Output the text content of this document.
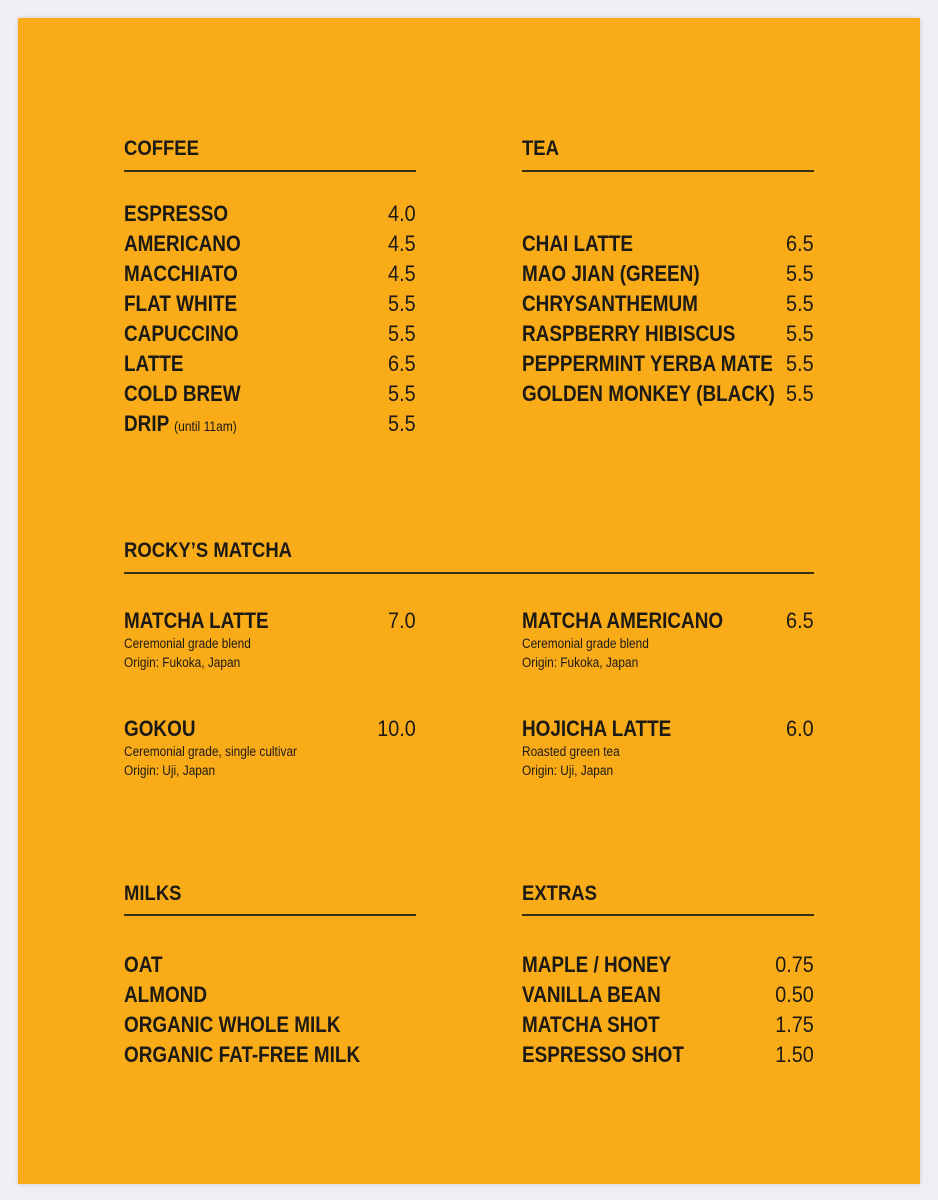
COFFEE
ESPRESSO	4.0
AMERICANO	4.5
MACCHIATO	4.5
FLAT WHITE	5.5
CAPUCCINO	5.5
LATTE	6.5
COLD BREW	5.5
DRIP (until 11am)	5.5
TEA
CHAI LATTE	6.5
MAO JIAN (GREEN)	5.5
CHRYSANTHEMUM	5.5
RASPBERRY HIBISCUS 5.5
PEPPERMINT YERBA MATE 5.5
GOLDEN MONKEY (BLACK) 5.5
ROCKY’S MATCHA
MATCHA LATTE	7.0
Ceremonial grade blend
Origin: Fukoka, Japan
MATCHA AMERICANO	6.5
Ceremonial grade blend
Origin: Fukoka, Japan
GOKOU	10.0
Ceremonial grade, single cultivar
Origin: Uji, Japan
HOJICHA LATTE	6.0
Roasted green tea
Origin: Uji, Japan
MILKS
OAT
ALMOND
ORGANIC WHOLE MILK
ORGANIC FAT-FREE MILK
EXTRAS
MAPLE / HONEY	0.75
VANILLA BEAN	0.50
MATCHA SHOT	1.75
ESPRESSO SHOT	1.50
